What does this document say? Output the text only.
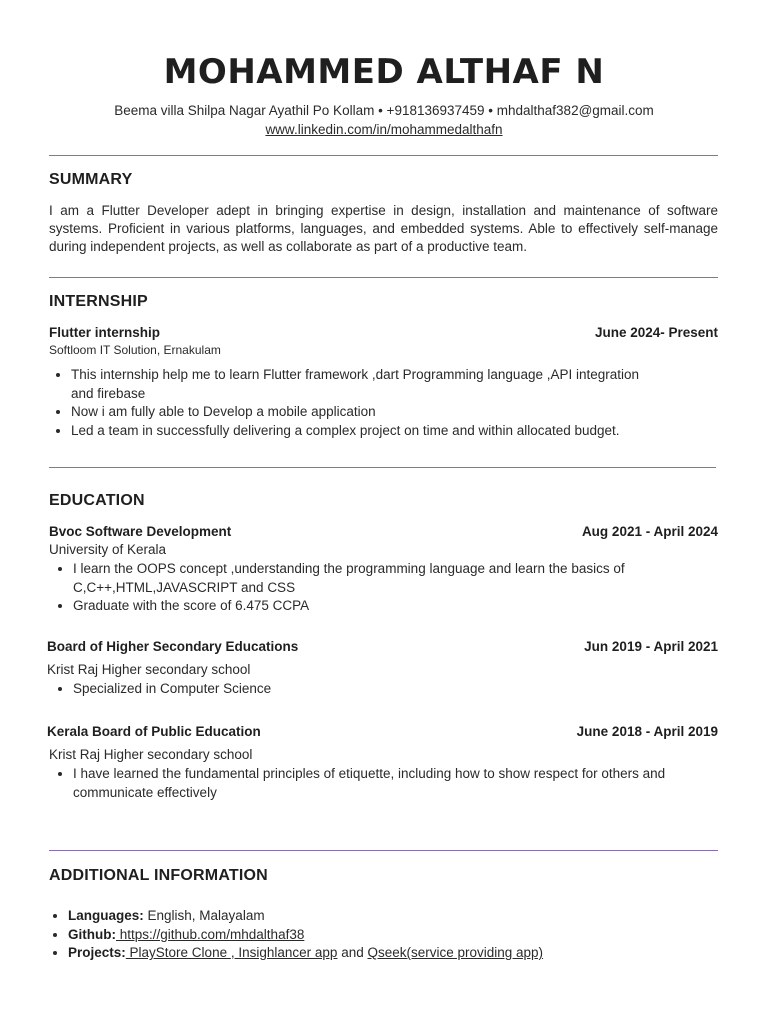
MOHAMMED ALTHAF N
Beema villa Shilpa Nagar Ayathil Po Kollam • +918136937459 • mhdalthaf382@gmail.com
www.linkedin.com/in/mohammedalthafn
SUMMARY
I am a Flutter Developer adept in bringing expertise in design, installation and maintenance of software systems. Proficient in various platforms, languages, and embedded systems. Able to effectively self-manage during independent projects, as well as collaborate as part of a productive team.
INTERNSHIP
Flutter internship	June 2024- Present
Softloom IT Solution, Ernakulam
• This internship help me to learn Flutter framework ,dart Programming language ,API integration and firebase
• Now i am fully able to Develop a mobile application
• Led a team in successfully delivering a complex project on time and within allocated budget.
EDUCATION
Bvoc Software Development	Aug 2021 - April 2024
University of Kerala
• I learn the OOPS concept ,understanding the programming language and learn the basics of C,C++,HTML,JAVASCRIPT and CSS
• Graduate with the score of 6.475 CCPA
Board of Higher Secondary Educations	Jun 2019 - April 2021
Krist Raj Higher secondary school
• Specialized in Computer Science
Kerala Board of Public Education	June 2018 - April 2019
Krist Raj Higher secondary school
• I have learned the fundamental principles of etiquette, including how to show respect for others and communicate effectively
ADDITIONAL INFORMATION
• Languages: English, Malayalam
• Github: https://github.com/mhdalthaf38
• Projects: PlayStore Clone , Insighlancer app and Qseek(service providing app)
